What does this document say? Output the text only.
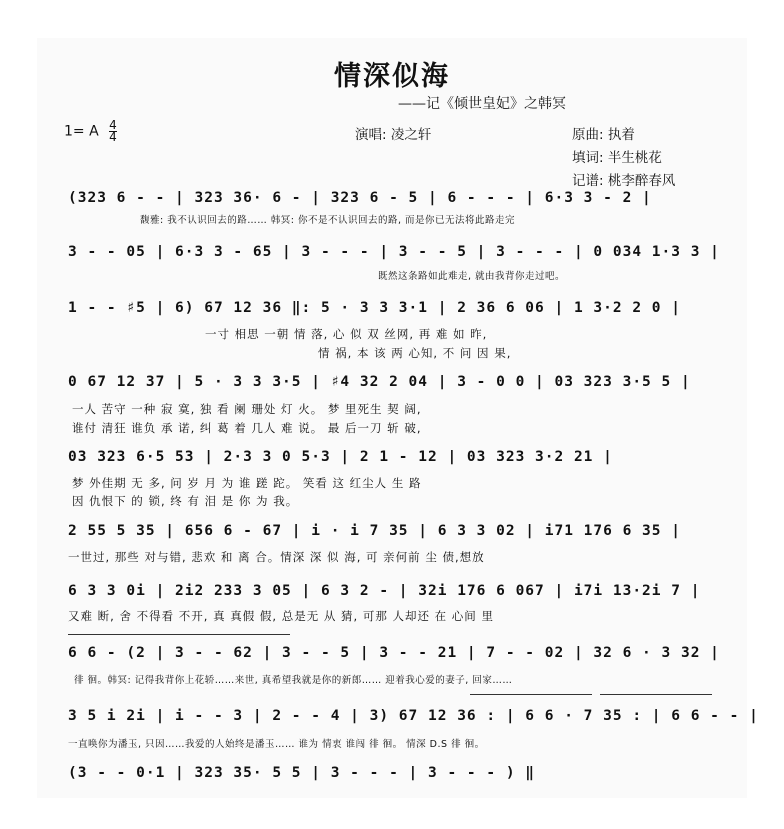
情深似海
——记《倾世皇妃》之韩冥
1= A $\frac{4}{4}$	演唱: 凌之轩	原曲: 执着
填词: 半生桃花
记谱: 桃李醉春风
(323 6 - - | 323 36· 6 - | 323 6 - 5 | 6 - - - | 6·3 3 - 2 |
馥雅: 我不认识回去的路…… 韩冥: 你不是不认识回去的路, 而是你已无法将此路走完
3 - - 05 | 6·3 3 - 65 | 3 - - - | 3 - - 5 | 3 - - - | 0 034 1·3 3 |
既然这条路如此难走, 就由我背你走过吧。
1 - - ♯5 | 6) 67 12 36 ‖: 5 · 3 3 3·1 | 2 36 6 06 | 1 3·2 2 0 |
一寸 相思 一朝 情 落, 心 似 双 丝网, 再 难 如 昨,
情 祸, 本 该 两 心知, 不 问 因 果,
0 67 12 37 | 5 · 3 3 3·5 | ♯4 32 2 04 | 3 - 0 0 | 03 323 3·5 5 |
一人 苦守 一种 寂 寞, 独 看 阑 珊处 灯 火。 梦 里死生 契 阔,
谁付 清狂 谁负 承 诺, 纠 葛 着 几人 难 说。 最 后一刀 斩 破,
03 323 6·5 53 | 2·3 3 0 5·3 | 2 1 - 12 | 03 323 3·2 21 |
梦 外佳期 无 多, 问 岁 月 为 谁 蹉 跎。 笑看 这 红尘人 生 路
因 仇恨下 的 锁, 终 有 泪 是 你 为 我。
2 55 5 35 | 656 6 - 67 | i · i 7 35 | 6 3 3 02 | i71 176 6 35 |
一世过, 那些 对与错, 悲欢 和 离 合。情深 深 似 海, 可 亲何前 尘 债,想放
6 3 3 0i | 2i2 233 3 05 | 6 3 2 - | 32i 176 6 067 | i7i 13·2i 7 |
又难 断, 舍 不得看 不开, 真 真假 假, 总是无 从 猜, 可那 人却还 在 心间 里
6 6 - (2 | 3 - - 62 | 3 - - 5 | 3 - - 21 | 7 - - 02 | 32 6 · 3 32 |
徘 徊。韩冥: 记得我背你上花轿……来世, 真希望我就是你的新郎…… 迎着我心爱的妻子, 回家……
3 5 i 2i | i - - 3 | 2 - - 4 | 3) 67 12 36 : | 6 6 · 7 35 : | 6 6 - - |
一直唤你为潘玉, 只因……我爱的人始终是潘玉…… 谁为 情衷 谁闯 徘 徊。 情深 D.S 徘 徊。
(3 - - 0·1 | 323 35· 5 5 | 3 - - - | 3 - - - ) ‖
